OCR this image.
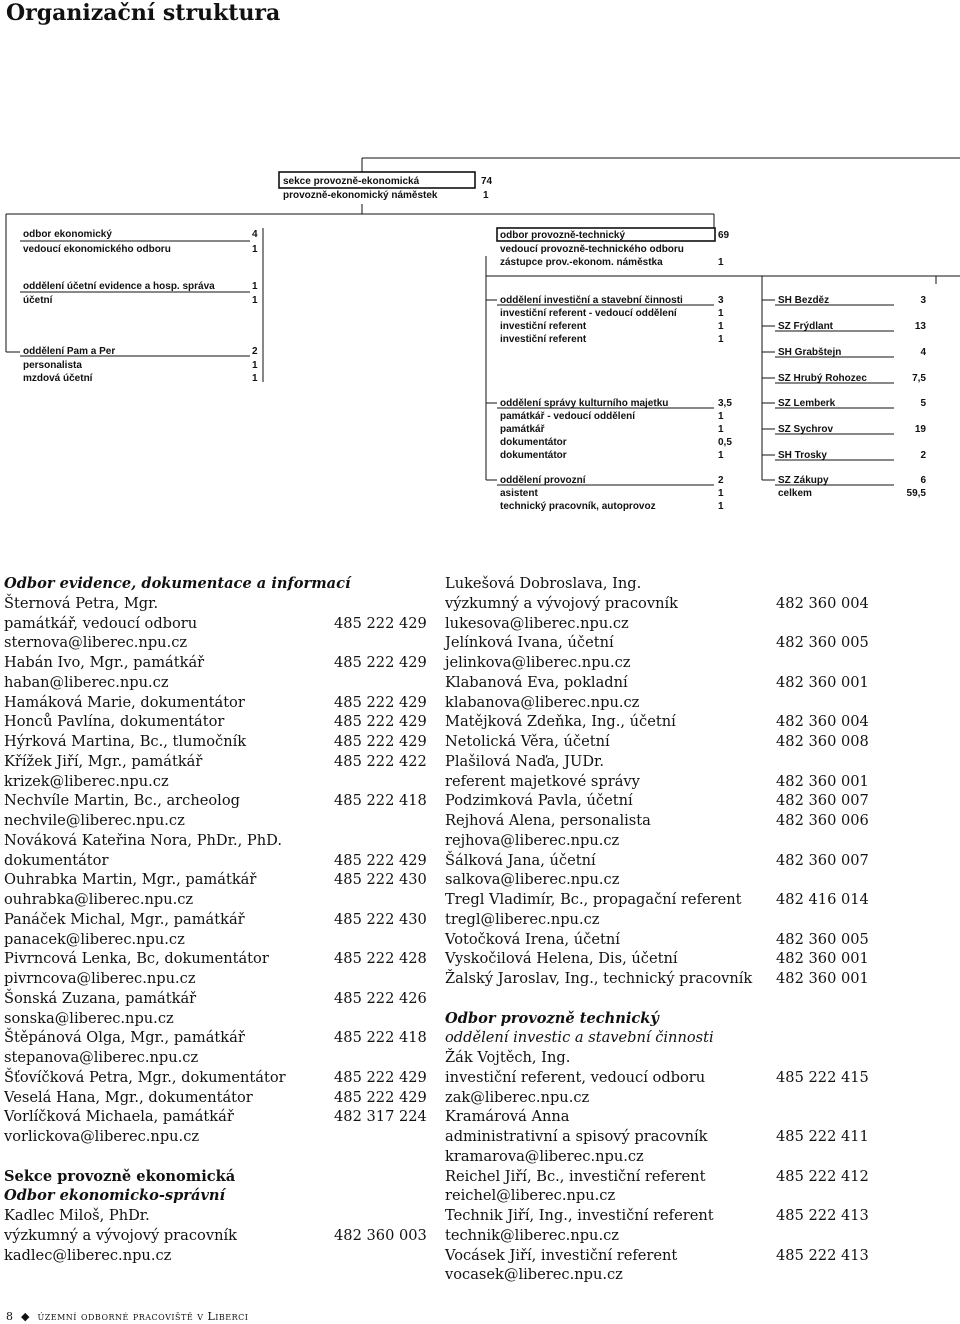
Organizační struktura
sekce provozně-ekonomická	74
provozně-ekonomický náměstek	1
odbor ekonomický	4
vedoucí ekonomického odboru	1
oddělení účetní evidence a hosp. správa	1
účetní	1
oddělení Pam a Per	2
personalista	1
mzdová účetní	1
odbor provozně-technický	69
vedoucí provozně-technického odboru
zástupce prov.-ekonom. náměstka	1
oddělení investiční a stavební činnosti	3
investiční referent - vedoucí oddělení	1
investiční referent	1
investiční referent	1
oddělení správy kulturního majetku	3,5
památkář - vedoucí oddělení	1
památkář	1
dokumentátor	0,5
dokumentátor	1
oddělení provozní	2
asistent	1
technický pracovník, autoprovoz	1
SH Bezděz	3
SZ Frýdlant	13
SH Grabštejn	4
SZ Hrubý Rohozec	7,5
SZ Lemberk	5
SZ Sychrov	19
SH Trosky	2
SZ Zákupy	6
celkem	59,5
Odbor evidence, dokumentace a informací
Šternová Petra, Mgr.
památkář, vedoucí odboru	485 222 429
sternova@liberec.npu.cz
Habán Ivo, Mgr., památkář	485 222 429
haban@liberec.npu.cz
Hamáková Marie, dokumentátor	485 222 429
Honců Pavlína, dokumentátor	485 222 429
Hýrková Martina, Bc., tlumočník	485 222 429
Křížek Jiří, Mgr., památkář	485 222 422
krizek@liberec.npu.cz
Nechvíle Martin, Bc., archeolog	485 222 418
nechvile@liberec.npu.cz
Nováková Kateřina Nora, PhDr., PhD.
dokumentátor	485 222 429
Ouhrabka Martin, Mgr., památkář	485 222 430
ouhrabka@liberec.npu.cz
Panáček Michal, Mgr., památkář	485 222 430
panacek@liberec.npu.cz
Pivrncová Lenka, Bc, dokumentátor	485 222 428
pivrncova@liberec.npu.cz
Šonská Zuzana, památkář	485 222 426
sonska@liberec.npu.cz
Štěpánová Olga, Mgr., památkář	485 222 418
stepanova@liberec.npu.cz
Šťovíčková Petra, Mgr., dokumentátor	485 222 429
Veselá Hana, Mgr., dokumentátor	485 222 429
Vorlíčková Michaela, památkář	482 317 224
vorlickova@liberec.npu.cz
Sekce provozně ekonomická
Odbor ekonomicko-správní
Kadlec Miloš, PhDr.
výzkumný a vývojový pracovník	482 360 003
kadlec@liberec.npu.cz
Lukešová Dobroslava, Ing.
výzkumný a vývojový pracovník	482 360 004
lukesova@liberec.npu.cz
Jelínková Ivana, účetní	482 360 005
jelinkova@liberec.npu.cz
Klabanová Eva, pokladní	482 360 001
klabanova@liberec.npu.cz
Matějková Zdeňka, Ing., účetní	482 360 004
Netolická Věra, účetní	482 360 008
Plašilová Naďa, JUDr.
referent majetkové správy	482 360 001
Podzimková Pavla, účetní	482 360 007
Rejhová Alena, personalista	482 360 006
rejhova@liberec.npu.cz
Šálková Jana, účetní	482 360 007
salkova@liberec.npu.cz
Tregl Vladimír, Bc., propagační referent	482 416 014
tregl@liberec.npu.cz
Votočková Irena, účetní	482 360 005
Vyskočilová Helena, Dis, účetní	482 360 001
Žalský Jaroslav, Ing., technický pracovník	482 360 001
Odbor provozně technický
oddělení investic a stavební činnosti
Žák Vojtěch, Ing.
investiční referent, vedoucí odboru	485 222 415
zak@liberec.npu.cz
Kramárová Anna
administrativní a spisový pracovník	485 222 411
kramarova@liberec.npu.cz
Reichel Jiří, Bc., investiční referent	485 222 412
reichel@liberec.npu.cz
Technik Jiří, Ing., investiční referent	485 222 413
technik@liberec.npu.cz
Vocásek Jiří, investiční referent	485 222 413
vocasek@liberec.npu.cz
8 ◆ územní odborné pracoviště v Liberci
